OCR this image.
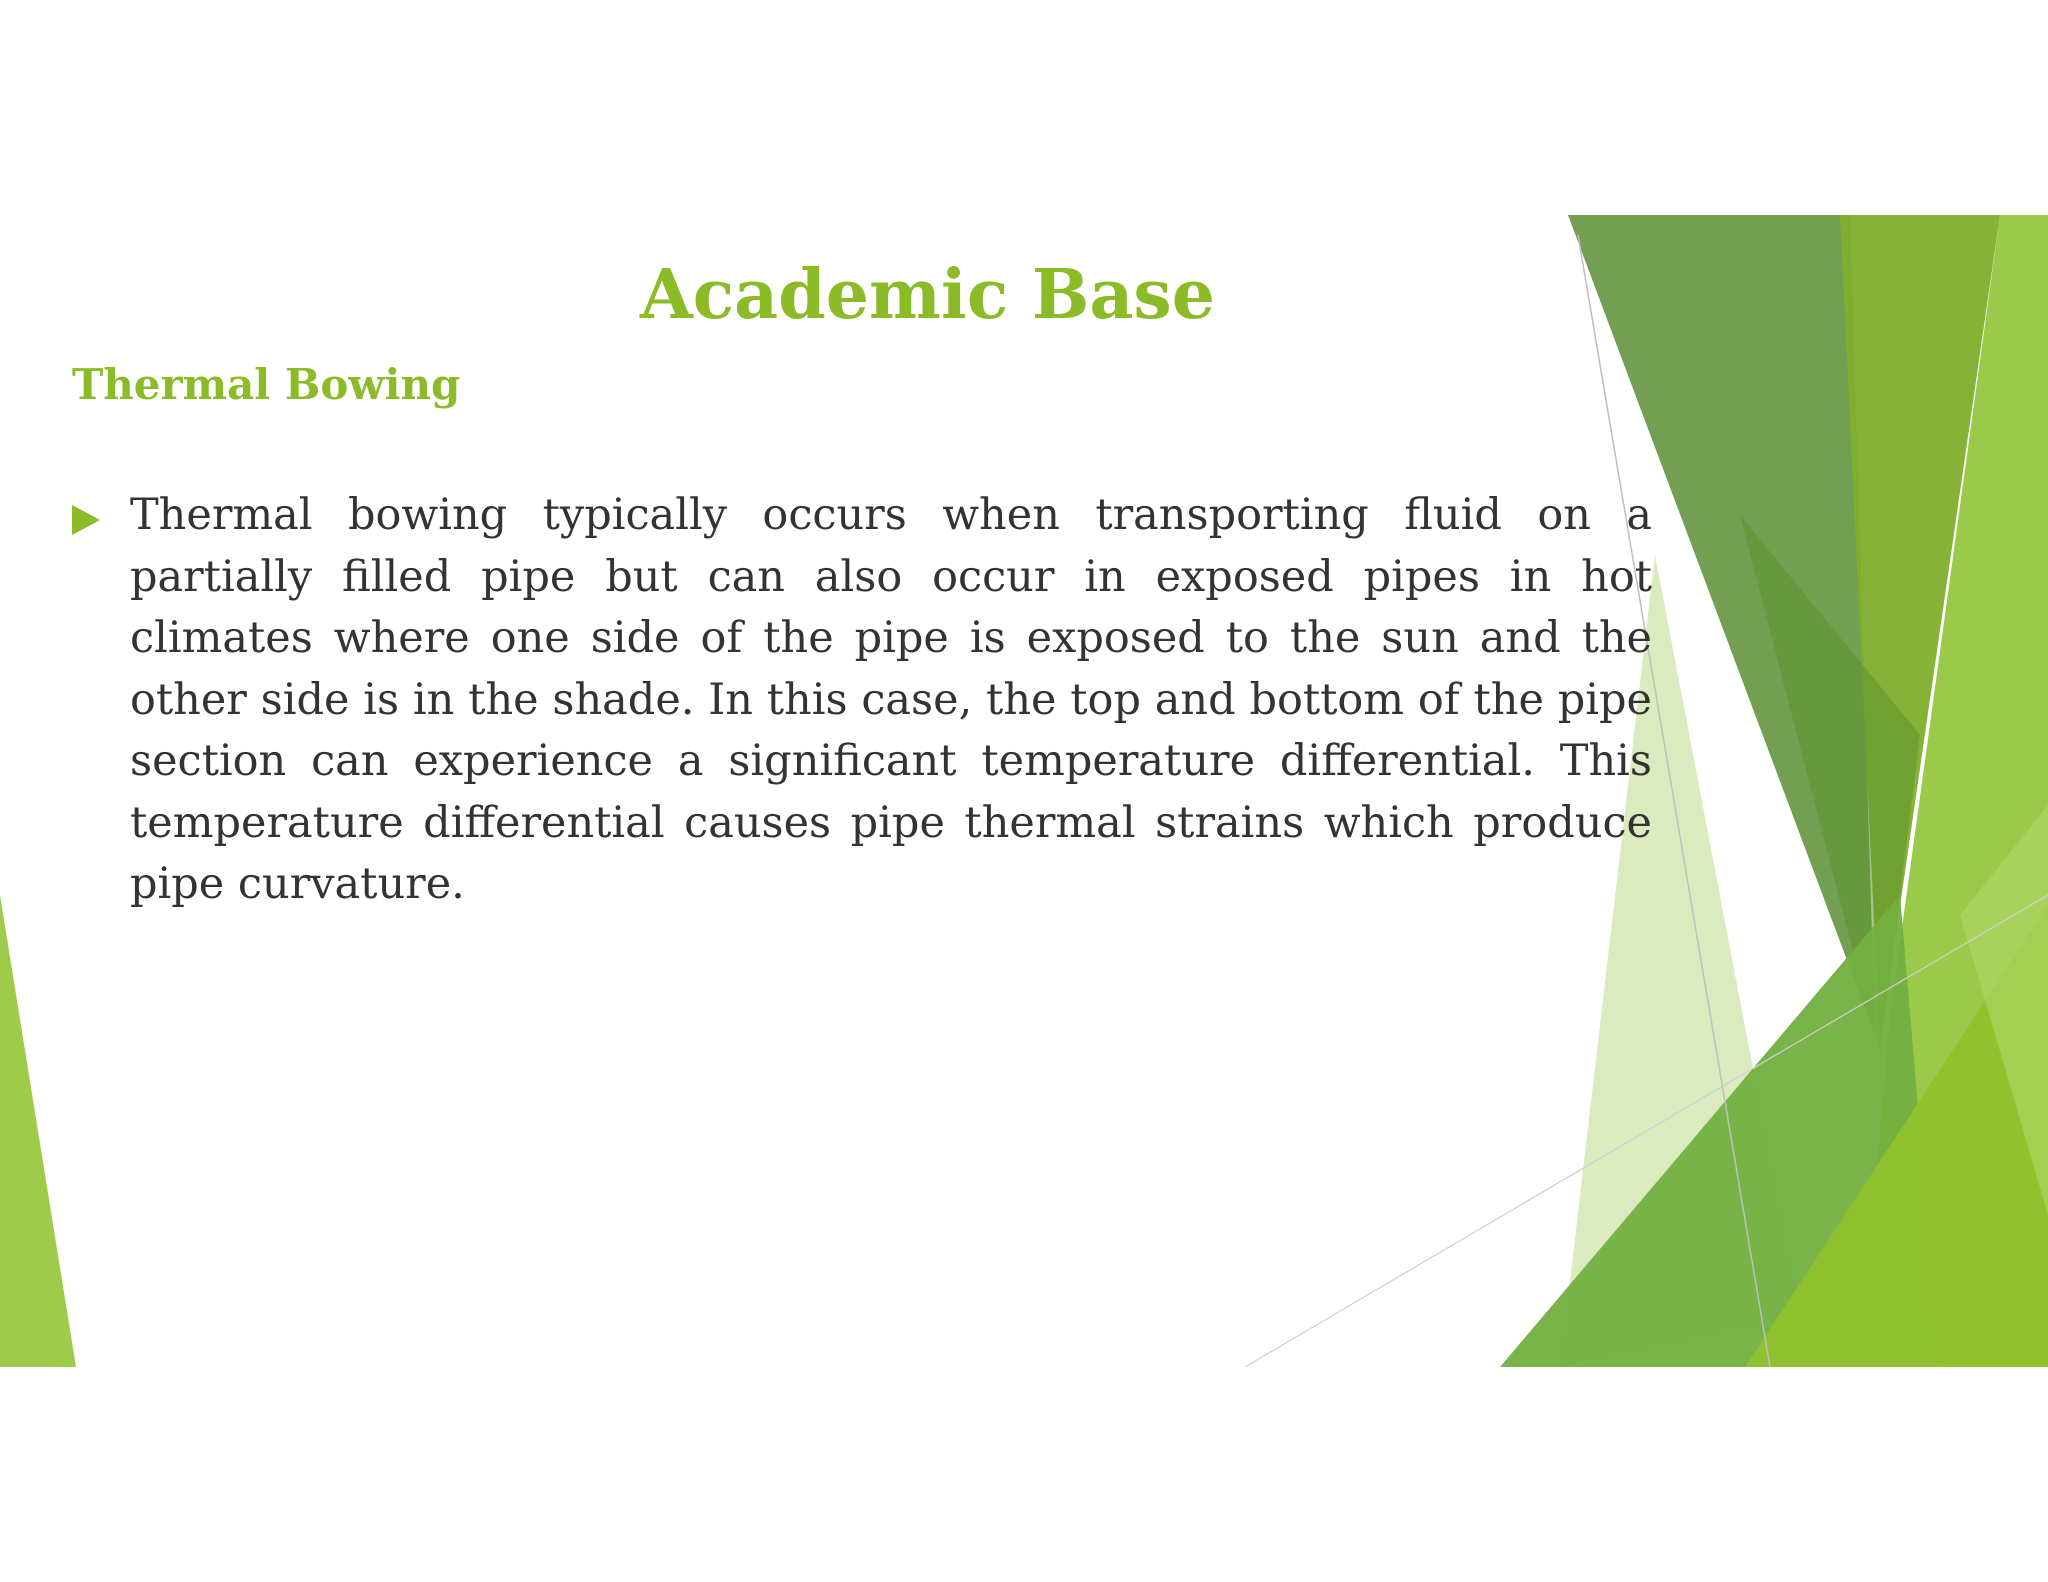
Academic Base
Thermal Bowing

Thermal bowing typically occurs when transporting fluid on a partially filled pipe but can also occur in exposed pipes in hot climates where one side of the pipe is exposed to the sun and the other side is in the shade. In this case, the top and bottom of the pipe section can experience a significant temperature differential. This temperature differential causes pipe thermal strains which produce pipe curvature.
